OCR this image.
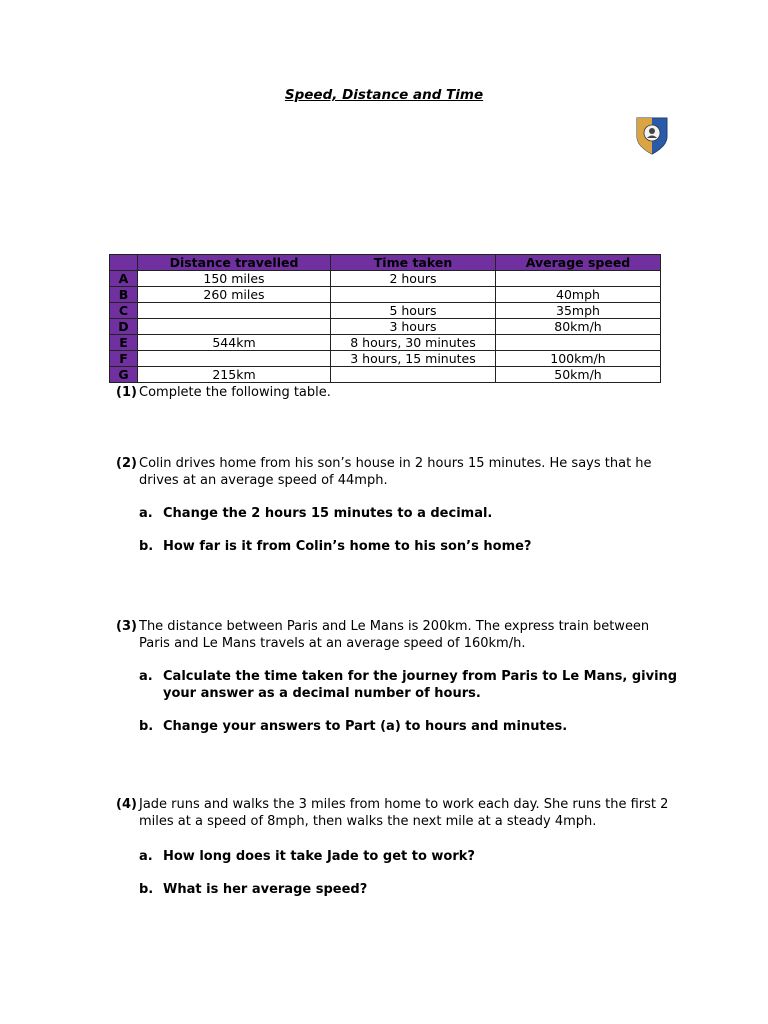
Speed, Distance and Time
	Distance travelled	Time taken	Average speed
A	150 miles	2 hours	
B	260 miles		40mph
C		5 hours	35mph
D		3 hours	80km/h
E	544km	8 hours, 30 minutes	
F		3 hours, 15 minutes	100km/h
G	215km		50km/h
(1) Complete the following table.
(2) Colin drives home from his son’s house in 2 hours 15 minutes. He says that he drives at an average speed of 44mph.
a. Change the 2 hours 15 minutes to a decimal.
b. How far is it from Colin’s home to his son’s home?
(3) The distance between Paris and Le Mans is 200km. The express train between Paris and Le Mans travels at an average speed of 160km/h.
a. Calculate the time taken for the journey from Paris to Le Mans, giving your answer as a decimal number of hours.
b. Change your answers to Part (a) to hours and minutes.
(4) Jade runs and walks the 3 miles from home to work each day. She runs the first 2 miles at a speed of 8mph, then walks the next mile at a steady 4mph.
a. How long does it take Jade to get to work?
b. What is her average speed?
